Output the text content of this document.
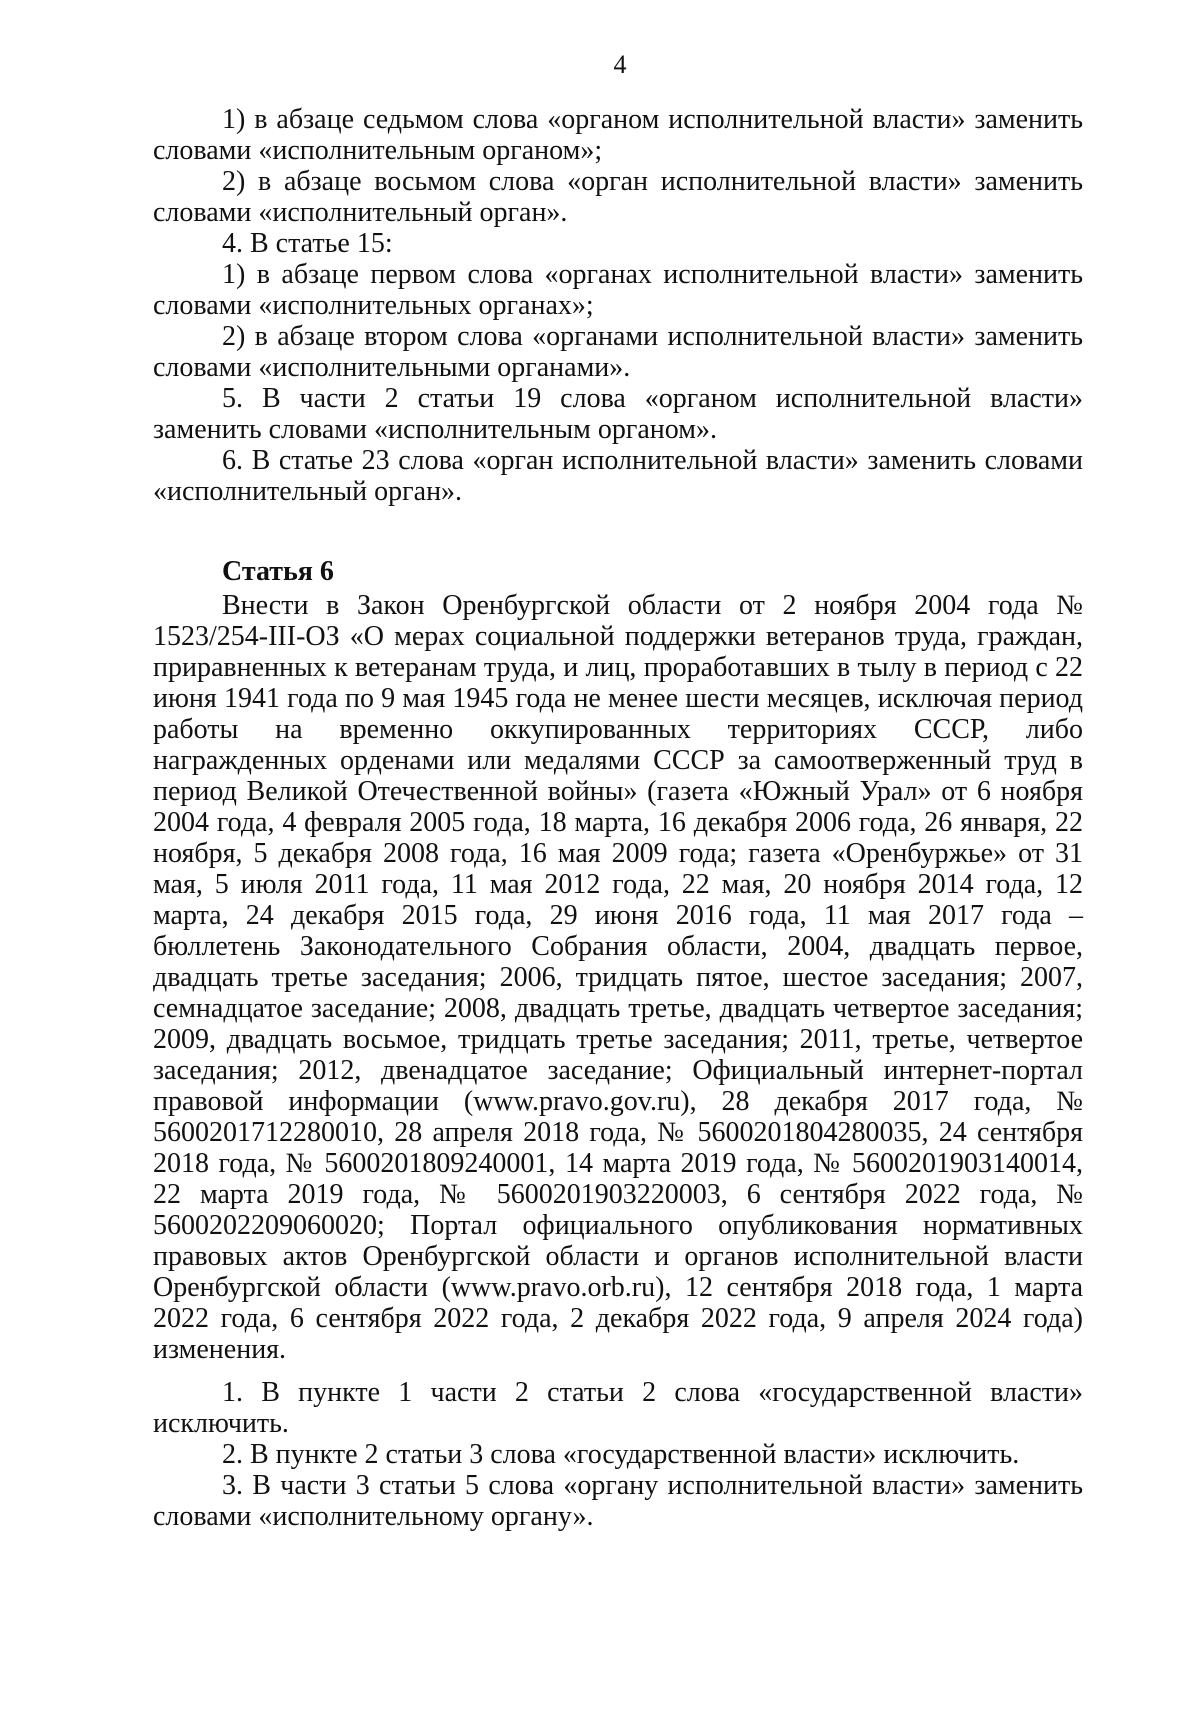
4

1) в абзаце седьмом слова «органом исполнительной власти» заменить словами «исполнительным органом»;

2) в абзаце восьмом слова «орган исполнительной власти» заменить словами «исполнительный орган».

4. В статье 15:

1) в абзаце первом слова «органах исполнительной власти» заменить словами «исполнительных органах»;

2) в абзаце втором слова «органами исполнительной власти» заменить словами «исполнительными органами».

5. В части 2 статьи 19 слова «органом исполнительной власти» заменить словами «исполнительным органом».

6. В статье 23 слова «орган исполнительной власти» заменить словами «исполнительный орган».

Статья 6

Внести в Закон Оренбургской области от 2 ноября 2004 года № 1523/254-III-ОЗ «О мерах социальной поддержки ветеранов труда, граждан, приравненных к ветеранам труда, и лиц, проработавших в тылу в период с 22 июня 1941 года по 9 мая 1945 года не менее шести месяцев, исключая период работы на временно оккупированных территориях СССР, либо награжденных орденами или медалями СССР за самоотверженный труд в период Великой Отечественной войны» (газета «Южный Урал» от 6 ноября 2004 года, 4 февраля 2005 года, 18 марта, 16 декабря 2006 года, 26 января, 22 ноября, 5 декабря 2008 года, 16 мая 2009 года; газета «Оренбуржье» от 31 мая, 5 июля 2011 года, 11 мая 2012 года, 22 мая, 20 ноября 2014 года, 12 марта, 24 декабря 2015 года, 29 июня 2016 года, 11 мая 2017 года – бюллетень Законодательного Собрания области, 2004, двадцать первое, двадцать третье заседания; 2006, тридцать пятое, шестое заседания; 2007, семнадцатое заседание; 2008, двадцать третье, двадцать четвертое заседания; 2009, двадцать восьмое, тридцать третье заседания; 2011, третье, четвертое заседания; 2012, двенадцатое заседание; Официальный интернет-портал правовой информации (www.pravo.gov.ru), 28 декабря 2017 года, № 5600201712280010, 28 апреля 2018 года, № 5600201804280035, 24 сентября 2018 года, № 5600201809240001, 14 марта 2019 года, № 5600201903140014, 22 марта 2019 года, № 5600201903220003, 6 сентября 2022 года, № 5600202209060020; Портал официального опубликования нормативных правовых актов Оренбургской области и органов исполнительной власти Оренбургской области (www.pravo.orb.ru), 12 сентября 2018 года, 1 марта 2022 года, 6 сентября 2022 года, 2 декабря 2022 года, 9 апреля 2024 года) изменения.

1. В пункте 1 части 2 статьи 2 слова «государственной власти» исключить.

2. В пункте 2 статьи 3 слова «государственной власти» исключить.

3. В части 3 статьи 5 слова «органу исполнительной власти» заменить словами «исполнительному органу».
